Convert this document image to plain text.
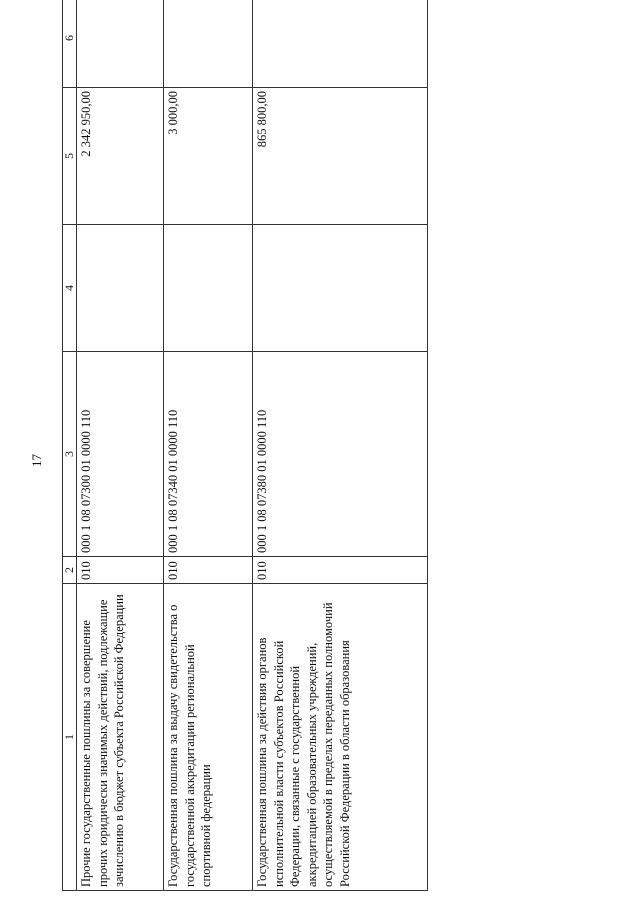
17
1	2	3	4	5	6
Прочие государственные пошлины за совершение прочих юридически значимых действий, подлежащие зачислению в бюджет субъекта Российской Федерации	010	000 1 08 07300 01 0000 110		2 342 950,00	
Государственная пошлина за выдачу свидетельства о государственной аккредитации региональной спортивной федерации	010	000 1 08 07340 01 0000 110		3 000,00	
Государственная пошлина за действия органов исполнительной власти субъектов Российской Федерации, связанные с государственной аккредитацией образовательных учреждений, осуществляемой в пределах переданных полномочий Российской Федерации в области образования	010	000 1 08 07380 01 0000 110		865 800,00	
